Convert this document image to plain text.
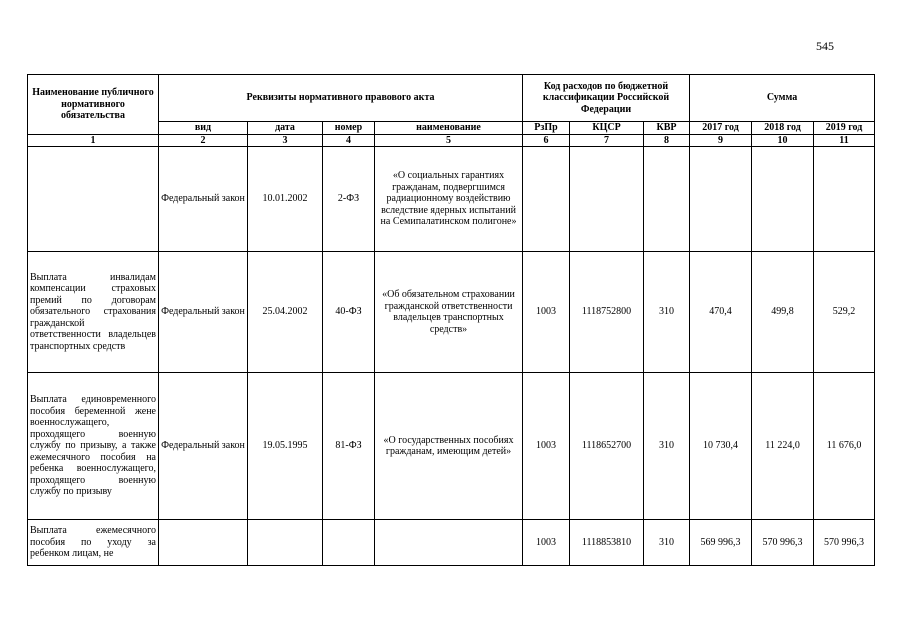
545
Наименование публичного нормативного обязательства	Реквизиты нормативного правового акта				Код расходов по бюджетной классификации Российской Федерации			Сумма		
	вид	дата	номер	наименование	РзПр	КЦСР	КВР	2017 год	2018 год	2019 год
1	2	3	4	5	6	7	8	9	10	11
	Федеральный закон	10.01.2002	2-ФЗ	«О социальных гарантиях гражданам, подвергшимся радиационному воздействию вследствие ядерных испытаний на Семипалатинском полигоне»						
Выплата инвалидам компенсации страховых премий по договорам обязательного страхования гражданской ответственности владельцев транспортных средств	Федеральный закон	25.04.2002	40-ФЗ	«Об обязательном страховании гражданской ответственности владельцев транспортных средств»	1003	1118752800	310	470,4	499,8	529,2
Выплата единовременного пособия беременной жене военнослужащего, проходящего военную службу по призыву, а также ежемесячного пособия на ребенка военнослужащего, проходящего военную службу по призыву	Федеральный закон	19.05.1995	81-ФЗ	«О государственных пособиях гражданам, имеющим детей»	1003	1118652700	310	10 730,4	11 224,0	11 676,0
Выплата ежемесячного пособия по уходу за ребенком лицам, не					1003	1118853810	310	569 996,3	570 996,3	570 996,3
